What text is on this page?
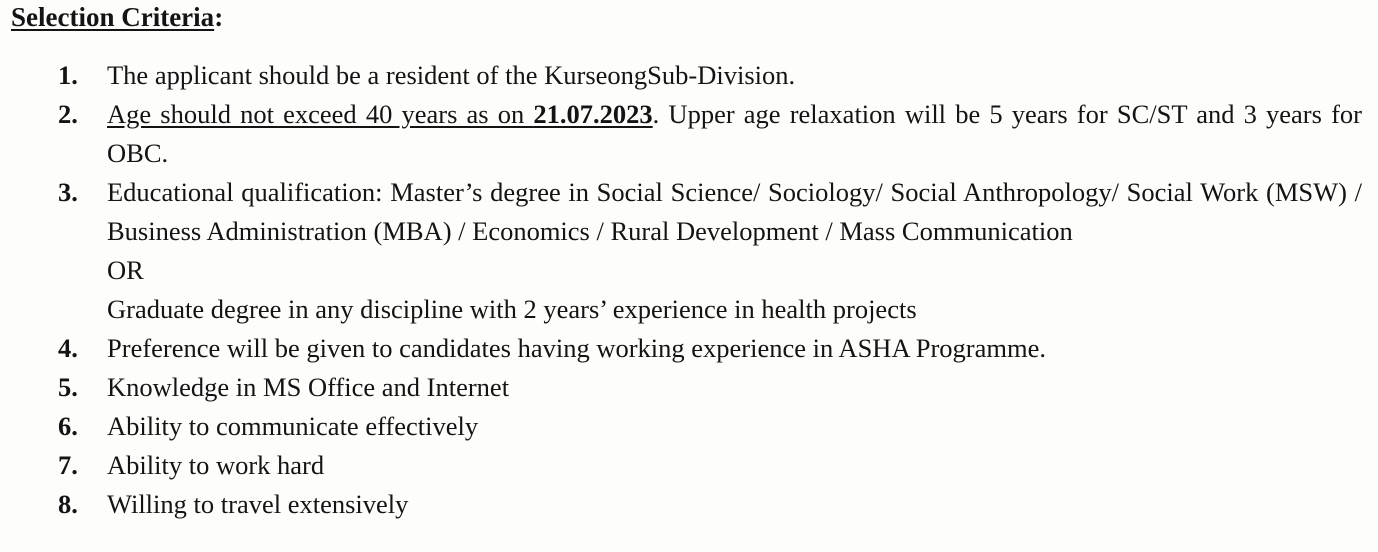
Selection Criteria:
1. The applicant should be a resident of the KurseongSub-Division.
2. Age should not exceed 40 years as on 21.07.2023. Upper age relaxation will be 5 years for SC/ST and 3 years for OBC.
3. Educational qualification: Master’s degree in Social Science/ Sociology/ Social Anthropology/ Social Work (MSW) / Business Administration (MBA) / Economics / Rural Development / Mass Communication
OR
Graduate degree in any discipline with 2 years’ experience in health projects
4. Preference will be given to candidates having working experience in ASHA Programme.
5. Knowledge in MS Office and Internet
6. Ability to communicate effectively
7. Ability to work hard
8. Willing to travel extensively
